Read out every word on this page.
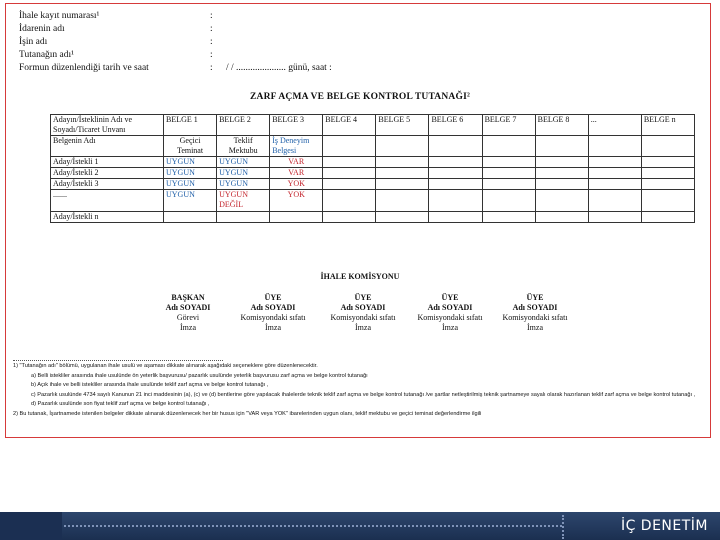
İhale kayıt numarası¹	:
İdarenin adı	:
İşin adı	:
Tutanağın adı¹	:
Formun düzenlendiği tarih ve saat	: / / ..................... günü, saat :
ZARF AÇMA VE BELGE KONTROL TUTANAĞI²
Adayın/İsteklinin Adı ve Soyadı/Ticaret Unvanı	BELGE 1	BELGE 2	BELGE 3	BELGE 4	BELGE 5	BELGE 6	BELGE 7	BELGE 8	...	BELGE n
Belgenin Adı	Geçici Teminat	Teklif Mektubu	İş Deneyim Belgesi							
Aday/İstekli 1	UYGUN	UYGUN	VAR							
Aday/İstekli 2	UYGUN	UYGUN	VAR							
Aday/İstekli 3	UYGUN	UYGUN	YOK							
.......	UYGUN	UYGUN DEĞİL	YOK							
Aday/İstekli n										
İHALE KOMİSYONU
BAŞKAN
Adı SOYADI
Görevi
İmza
ÜYE
Adı SOYADI
Komisyondaki sıfatı
İmza
ÜYE
Adı SOYADI
Komisyondaki sıfatı
İmza
ÜYE
Adı SOYADI
Komisyondaki sıfatı
İmza
ÜYE
Adı SOYADI
Komisyondaki sıfatı
İmza
1) "Tutanağın adı" bölümü, uygulanan ihale usulü ve aşaması dikkate alınarak aşağıdaki seçeneklere göre düzenlenecektir.
a) Belli istekliler arasında ihale usulünde ön yeterlik başvurusu/ pazarlık usulünde yeterlik başvurusu zarf açma ve belge kontrol tutanağı
b) Açık ihale ve belli istekliler arasında ihale usulünde teklif zarf açma ve belge kontrol tutanağı ,
c) Pazarlık usulünde 4734 sayılı Kanunun 21 inci maddesinin (a), (c) ve (d) bentlerine göre yapılacak ihalelerde teknik teklif zarf açma ve belge kontrol tutanağı /ve şartlar netleştirilmiş teknik şartnameye sayalı olarak hazırlanan teklif zarf açma ve belge kontrol tutanağı ,
d) Pazarlık usulünde son fiyat teklif zarf açma ve belge kontrol tutanağı ,
2) Bu tutanak, İşartnamede istenilen belgeler dikkate alınarak düzenlenecek her bir husus için "VAR veya YOK" ibarelerinden uygun olanı, teklif mektubu ve geçici teminat değerlendirme ilgili
İÇ DENETİM
